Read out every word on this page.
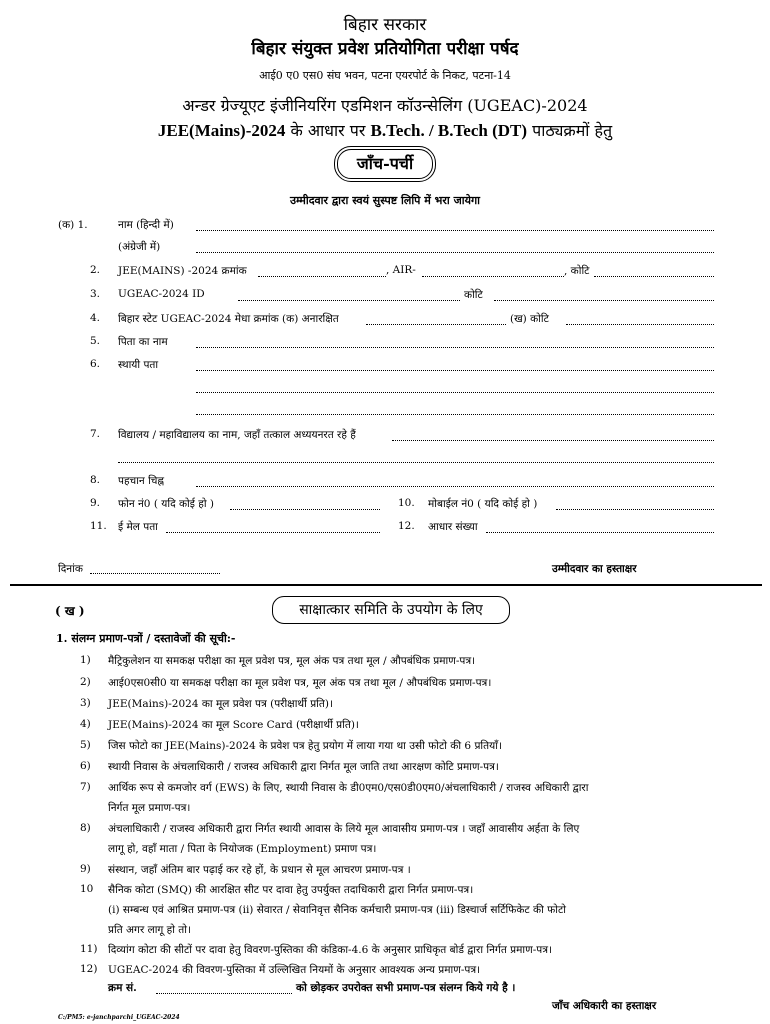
बिहार सरकार
बिहार संयुक्त प्रवेश प्रतियोगिता परीक्षा पर्षद
आई0 ए0 एस0 संघ भवन, पटना एयरपोर्ट के निकट, पटना-14
अन्डर ग्रेज्यूएट इंजीनियरिंग एडमिशन कॉउन्सेलिंग (UGEAC)-2024
JEE(Mains)-2024 के आधार पर B.Tech. / B.Tech (DT) पाठ्यक्रमों हेतु
जाँच-पर्ची
उम्मीदवार द्वारा स्वयं सुस्पष्ट लिपि में भरा जायेगा
(क) 1.	नाम (हिन्दी में)
(अंग्रेजी में)
2. JEE(MAINS) -2024 क्रमांक	, AIR-	, कोटि
3. UGEAC-2024 ID	कोटि
4. बिहार स्टेट UGEAC-2024 मेधा क्रमांक (क) अनारक्षित	(ख) कोटि
5. पिता का नाम
6. स्थायी पता
7. विद्यालय / महाविद्यालय का नाम, जहाँ तत्काल अध्ययनरत रहे हैं
8. पहचान चिह्न
9. फोन नं0 ( यदि कोई हो )	10. मोबाईल नं0 ( यदि कोई हो )
11. ई मेल पता	12. आधार संख्या
दिनांक	उम्मीदवार का हस्ताक्षर
( ख )	साक्षात्कार समिति के उपयोग के लिए
1. संलग्न प्रमाण-पत्रों / दस्तावेजों की सूची:-
1) मैट्रिकुलेशन या समकक्ष परीक्षा का मूल प्रवेश पत्र, मूल अंक पत्र तथा मूल / औपबंधिक प्रमाण-पत्र।
2) आई0एस0सी0 या समकक्ष परीक्षा का मूल प्रवेश पत्र, मूल अंक पत्र तथा मूल / औपबंधिक प्रमाण-पत्र।
3) JEE(Mains)-2024 का मूल प्रवेश पत्र (परीक्षार्थी प्रति)।
4) JEE(Mains)-2024 का मूल Score Card (परीक्षार्थी प्रति)।
5) जिस फोटो का JEE(Mains)-2024 के प्रवेश पत्र हेतु प्रयोग में लाया गया था उसी फोटो की 6 प्रतियाँ।
6) स्थायी निवास के अंचलाधिकारी / राजस्व अधिकारी द्वारा निर्गत मूल जाति तथा आरक्षण कोटि प्रमाण-पत्र।
7) आर्थिक रूप से कमजोर वर्ग (EWS) के लिए, स्थायी निवास के डी0एम0/एस0डी0एम0/अंचलाधिकारी / राजस्व अधिकारी द्वारा
निर्गत मूल प्रमाण-पत्र।
8) अंचलाधिकारी / राजस्व अधिकारी द्वारा निर्गत स्थायी आवास के लिये मूल आवासीय प्रमाण-पत्र । जहाँ आवासीय अर्हता के लिए
लागू हो, वहाँ माता / पिता के नियोजक (Employment) प्रमाण पत्र।
9) संस्थान, जहाँ अंतिम बार पढ़ाई कर रहे हों, के प्रधान से मूल आचरण प्रमाण-पत्र ।
10 सैनिक कोटा (SMQ) की आरक्षित सीट पर दावा हेतु उपर्युक्त तदाधिकारी द्वारा निर्गत प्रमाण-पत्र।
(i) सम्बन्ध एवं आश्रित प्रमाण-पत्र (ii) सेवारत / सेवानिवृत्त सैनिक कर्मचारी प्रमाण-पत्र (iii) डिस्चार्ज सर्टिफिकेट की फोटो
प्रति अगर लागू हो तो।
11) दिव्यांग कोटा की सीटों पर दावा हेतु विवरण-पुस्तिका की कंडिका-4.6 के अनुसार प्राधिकृत बोर्ड द्वारा निर्गत प्रमाण-पत्र।
12) UGEAC-2024 की विवरण-पुस्तिका में उल्लिखित नियमों के अनुसार आवश्यक अन्य प्रमाण-पत्र।
क्रम सं.	को छोड़कर उपरोक्त सभी प्रमाण-पत्र संलग्न किये गये है ।
जाँच अधिकारी का हस्ताक्षर
C:/PM5: e-janchparchi_UGEAC-2024
